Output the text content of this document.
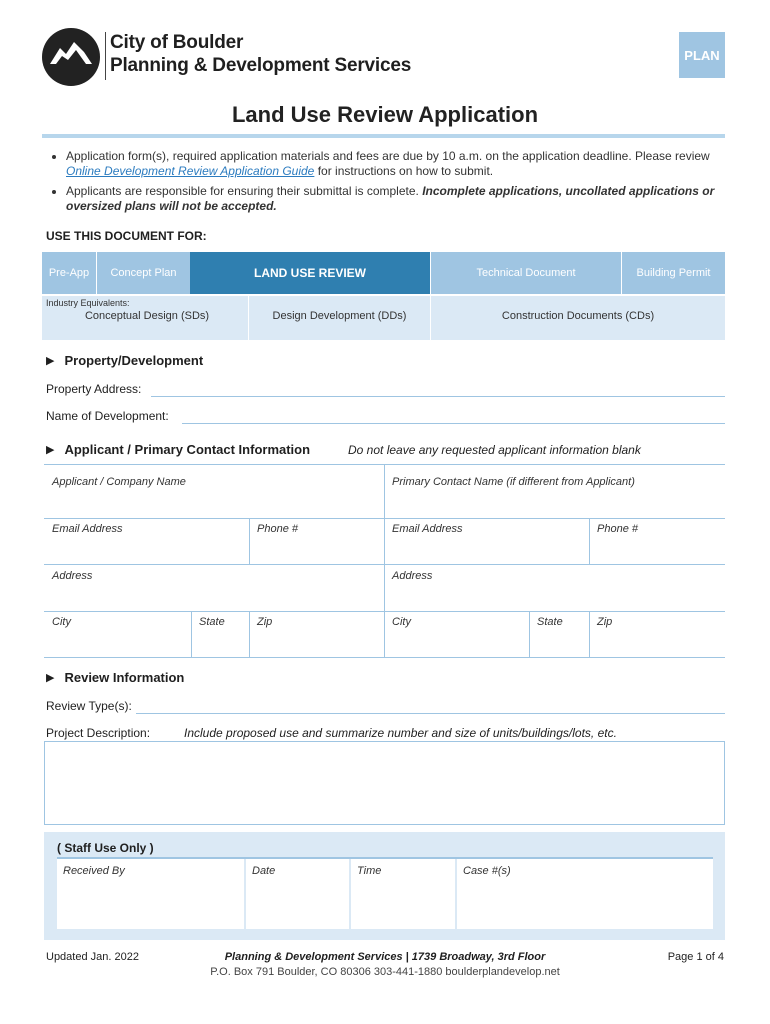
City of Boulder
Planning & Development Services	PLAN
Land Use Review Application
• Application form(s), required application materials and fees are due by 10 a.m. on the application deadline. Please review Online Development Review Application Guide for instructions on how to submit.
• Applicants are responsible for ensuring their submittal is complete. Incomplete applications, uncollated applications or oversized plans will not be accepted.
USE THIS DOCUMENT FOR:
Pre-App	Concept Plan	LAND USE REVIEW	Technical Document	Building Permit
Industry Equivalents:
Conceptual Design (SDs)	Design Development (DDs)	Construction Documents (CDs)
▶ Property/Development
Property Address:
Name of Development:
▶ Applicant / Primary Contact Information	Do not leave any requested applicant information blank
Applicant / Company Name	Primary Contact Name (if different from Applicant)
Email Address	Phone #	Email Address	Phone #
Address	Address
City	State	Zip	City	State	Zip
▶ Review Information
Review Type(s):
Project Description:	Include proposed use and summarize number and size of units/buildings/lots, etc.
( Staff Use Only )
Received By	Date	Time	Case #(s)
Updated Jan. 2022	Planning & Development Services | 1739 Broadway, 3rd Floor
P.O. Box 791 Boulder, CO 80306 303-441-1880 boulderplandevelop.net
Page 1 of 4
